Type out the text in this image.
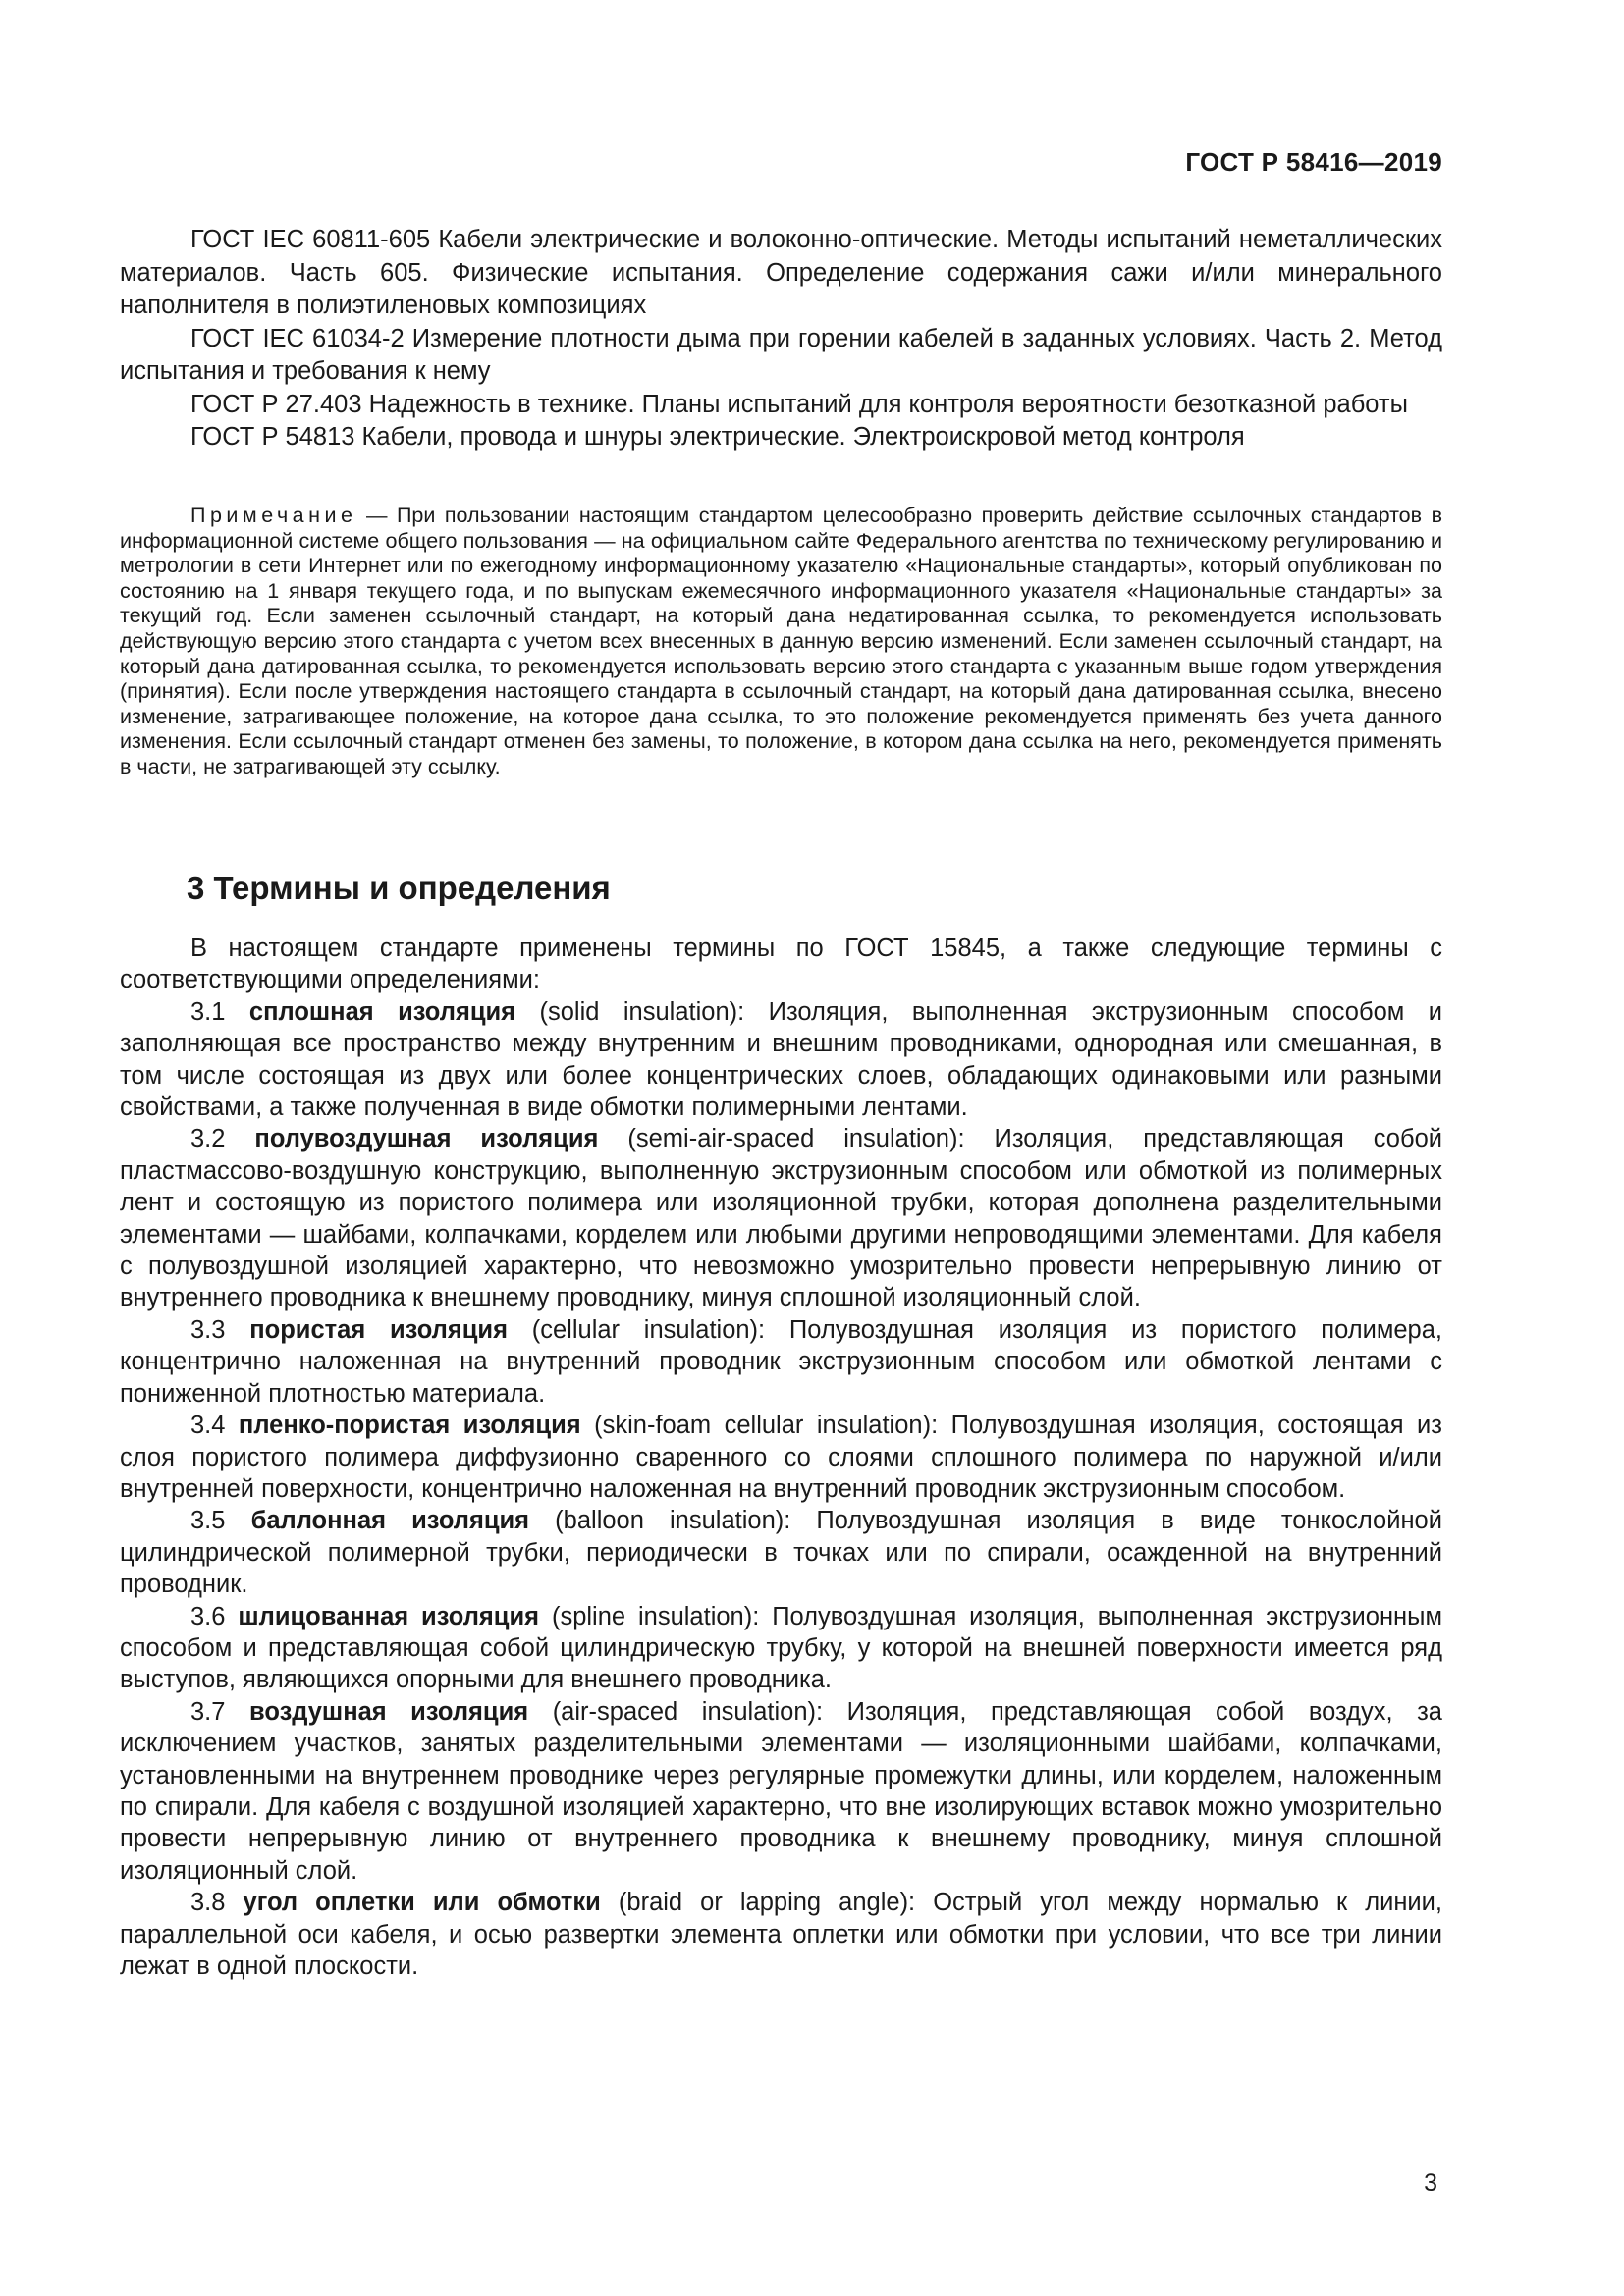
ГОСТ Р 58416—2019

ГОСТ IEC 60811-605 Кабели электрические и волоконно-оптические. Методы испытаний неметаллических материалов. Часть 605. Физические испытания. Определение содержания сажи и/или минерального наполнителя в полиэтиленовых композициях

ГОСТ IEC 61034-2 Измерение плотности дыма при горении кабелей в заданных условиях. Часть 2. Метод испытания и требования к нему

ГОСТ Р 27.403 Надежность в технике. Планы испытаний для контроля вероятности безотказной работы

ГОСТ Р 54813 Кабели, провода и шнуры электрические. Электроискровой метод контроля

Примечание — При пользовании настоящим стандартом целесообразно проверить действие ссылочных стандартов в информационной системе общего пользования — на официальном сайте Федерального агентства по техническому регулированию и метрологии в сети Интернет или по ежегодному информационному указателю «Национальные стандарты», который опубликован по состоянию на 1 января текущего года, и по выпускам ежемесячного информационного указателя «Национальные стандарты» за текущий год. Если заменен ссылочный стандарт, на который дана недатированная ссылка, то рекомендуется использовать действующую версию этого стандарта с учетом всех внесенных в данную версию изменений. Если заменен ссылочный стандарт, на который дана датированная ссылка, то рекомендуется использовать версию этого стандарта с указанным выше годом утверждения (принятия). Если после утверждения настоящего стандарта в ссылочный стандарт, на который дана датированная ссылка, внесено изменение, затрагивающее положение, на которое дана ссылка, то это положение рекомендуется применять без учета данного изменения. Если ссылочный стандарт отменен без замены, то положение, в котором дана ссылка на него, рекомендуется применять в части, не затрагивающей эту ссылку.

3 Термины и определения

В настоящем стандарте применены термины по ГОСТ 15845, а также следующие термины с соответствующими определениями:

3.1 сплошная изоляция (solid insulation): Изоляция, выполненная экструзионным способом и заполняющая все пространство между внутренним и внешним проводниками, однородная или смешанная, в том числе состоящая из двух или более концентрических слоев, обладающих одинаковыми или разными свойствами, а также полученная в виде обмотки полимерными лентами.

3.2 полувоздушная изоляция (semi-air-spaced insulation): Изоляция, представляющая собой пластмассово-воздушную конструкцию, выполненную экструзионным способом или обмоткой из полимерных лент и состоящую из пористого полимера или изоляционной трубки, которая дополнена разделительными элементами — шайбами, колпачками, корделем или любыми другими непроводящими элементами. Для кабеля с полувоздушной изоляцией характерно, что невозможно умозрительно провести непрерывную линию от внутреннего проводника к внешнему проводнику, минуя сплошной изоляционный слой.

3.3 пористая изоляция (cellular insulation): Полувоздушная изоляция из пористого полимера, концентрично наложенная на внутренний проводник экструзионным способом или обмоткой лентами с пониженной плотностью материала.

3.4 пленко-пористая изоляция (skin-foam cellular insulation): Полувоздушная изоляция, состоящая из слоя пористого полимера диффузионно сваренного со слоями сплошного полимера по наружной и/или внутренней поверхности, концентрично наложенная на внутренний проводник экструзионным способом.

3.5 баллонная изоляция (balloon insulation): Полувоздушная изоляция в виде тонкослойной цилиндрической полимерной трубки, периодически в точках или по спирали, осажденной на внутренний проводник.

3.6 шлицованная изоляция (spline insulation): Полувоздушная изоляция, выполненная экструзионным способом и представляющая собой цилиндрическую трубку, у которой на внешней поверхности имеется ряд выступов, являющихся опорными для внешнего проводника.

3.7 воздушная изоляция (air-spaced insulation): Изоляция, представляющая собой воздух, за исключением участков, занятых разделительными элементами — изоляционными шайбами, колпачками, установленными на внутреннем проводнике через регулярные промежутки длины, или корделем, наложенным по спирали. Для кабеля с воздушной изоляцией характерно, что вне изолирующих вставок можно умозрительно провести непрерывную линию от внутреннего проводника к внешнему проводнику, минуя сплошной изоляционный слой.

3.8 угол оплетки или обмотки (braid or lapping angle): Острый угол между нормалью к линии, параллельной оси кабеля, и осью развертки элемента оплетки или обмотки при условии, что все три линии лежат в одной плоскости.

3
